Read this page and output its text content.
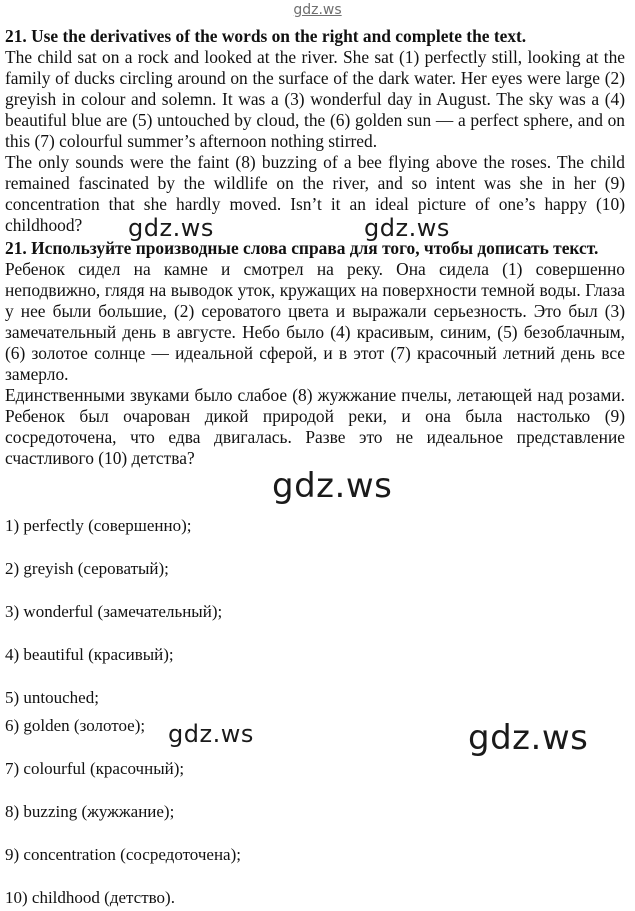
gdz.ws

21. Use the derivatives of the words on the right and complete the text.

The child sat on a rock and looked at the river. She sat (1) perfectly still, looking at the family of ducks circling around on the surface of the dark water. Her eyes were large (2) greyish in colour and solemn. It was a (3) wonderful day in August. The sky was a (4) beautiful blue are (5) untouched by cloud, the (6) golden sun — a perfect sphere, and on this (7) colourful summer’s afternoon nothing stirred.

The only sounds were the faint (8) buzzing of a bee flying above the roses. The child remained fascinated by the wildlife on the river, and so intent was she in her (9) concentration that she hardly moved. Isn’t it an ideal picture of one’s happy (10) childhood?

21. Используйте производные слова справа для того, чтобы дописать текст.

Ребенок сидел на камне и смотрел на реку. Она сидела (1) совершенно неподвижно, глядя на выводок уток, кружащих на поверхности темной воды. Глаза у нее были большие, (2) сероватого цвета и выражали серьезность. Это был (3) замечательный день в августе. Небо было (4) красивым, синим, (5) безоблачным, (6) золотое солнце — идеальной сферой, и в этот (7) красочный летний день все замерло.

Единственными звуками было слабое (8) жужжание пчелы, летающей над розами. Ребенок был очарован дикой природой реки, и она была настолько (9) сосредоточена, что едва двигалась. Разве это не идеальное представление счастливого (10) детства?

1) perfectly (совершенно);
2) greyish (сероватый);
3) wonderful (замечательный);
4) beautiful (красивый);
5) untouched;
6) golden (золотое);
7) colourful (красочный);
8) buzzing (жужжание);
9) concentration (сосредоточена);
10) childhood (детство).
gdz.ws	gdz.ws
gdz.ws
gdz.ws	gdz.ws
